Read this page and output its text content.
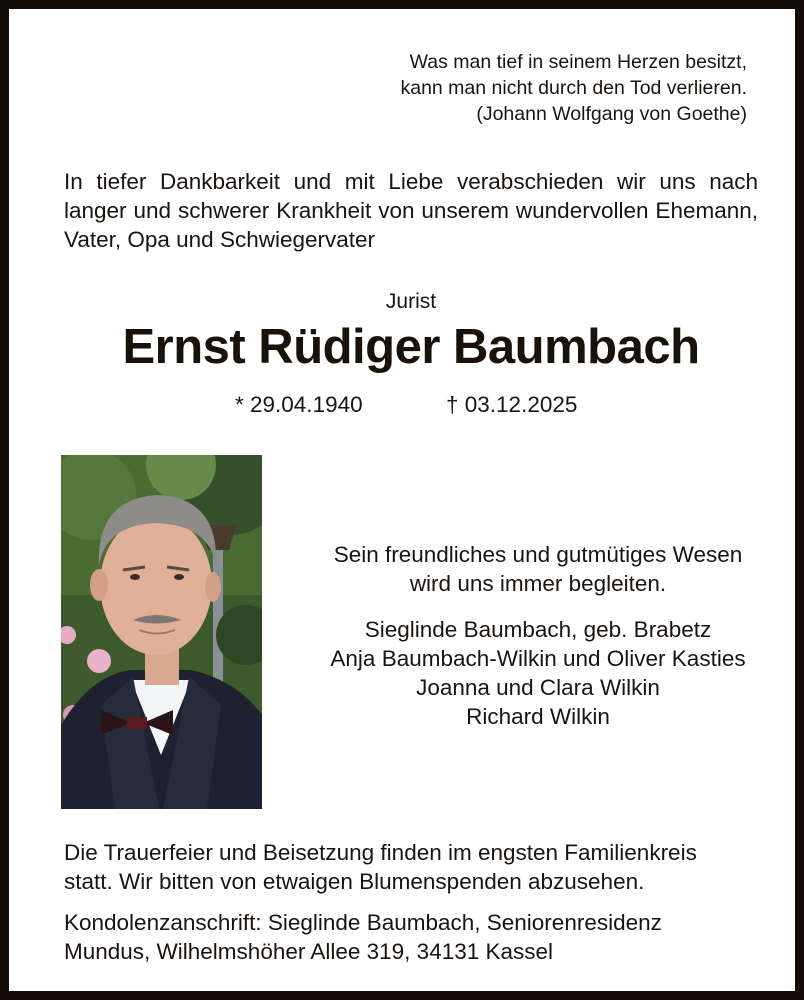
Was man tief in seinem Herzen besitzt,
kann man nicht durch den Tod verlieren.
(Johann Wolfgang von Goethe)
In tiefer Dankbarkeit und mit Liebe verabschieden wir uns nach langer und schwerer Krankheit von unserem wundervollen Ehemann, Vater, Opa und Schwiegervater
Jurist
Ernst Rüdiger Baumbach
* 29.04.1940	† 03.12.2025
Sein freundliches und gutmütiges Wesen
wird uns immer begleiten.
Sieglinde Baumbach, geb. Brabetz
Anja Baumbach-Wilkin und Oliver Kasties
Joanna und Clara Wilkin
Richard Wilkin
Die Trauerfeier und Beisetzung finden im engsten Familienkreis
statt. Wir bitten von etwaigen Blumenspenden abzusehen.
Kondolenzanschrift: Sieglinde Baumbach, Seniorenresidenz
Mundus, Wilhelmshöher Allee 319, 34131 Kassel
